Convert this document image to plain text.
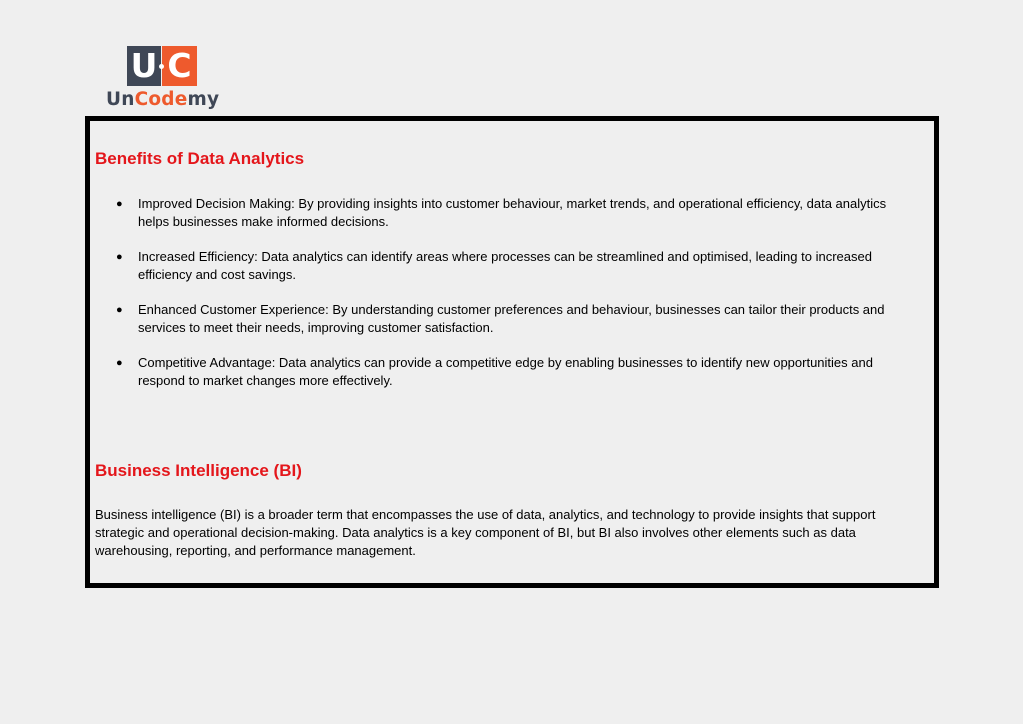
U C
UnCodemy
Benefits of Data Analytics
● Improved Decision Making: By providing insights into customer behaviour, market trends, and operational efficiency, data analytics helps businesses make informed decisions.
● Increased Efficiency: Data analytics can identify areas where processes can be streamlined and optimised, leading to increased efficiency and cost savings.
● Enhanced Customer Experience: By understanding customer preferences and behaviour, businesses can tailor their products and services to meet their needs, improving customer satisfaction.
● Competitive Advantage: Data analytics can provide a competitive edge by enabling businesses to identify new opportunities and respond to market changes more effectively.
Business Intelligence (BI)

Business intelligence (BI) is a broader term that encompasses the use of data, analytics, and technology to provide insights that support strategic and operational decision-making. Data analytics is a key component of BI, but BI also involves other elements such as data warehousing, reporting, and performance management.
